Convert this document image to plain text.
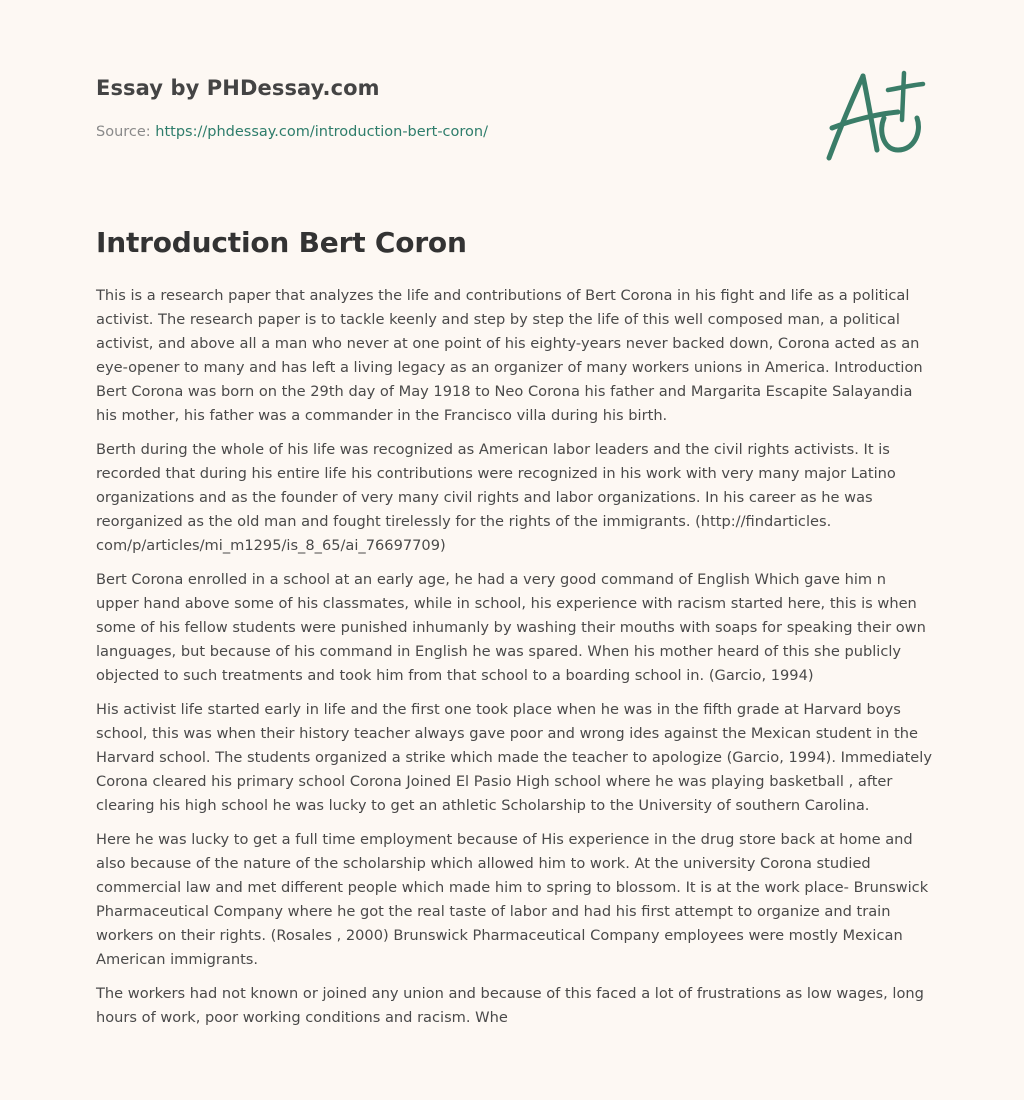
Essay by PHDessay.com
Source: https://phdessay.com/introduction-bert-coron/
Introduction Bert Coron

This is a research paper that analyzes the life and contributions of Bert Corona in his fight and life as a political activist. The research paper is to tackle keenly and step by step the life of this well composed man, a political activist, and above all a man who never at one point of his eighty-years never backed down, Corona acted as an eye-opener to many and has left a living legacy as an organizer of many workers unions in America. Introduction Bert Corona was born on the 29th day of May 1918 to Neo Corona his father and Margarita Escapite Salayandia his mother, his father was a commander in the Francisco villa during his birth.

Berth during the whole of his life was recognized as American labor leaders and the civil rights activists. It is recorded that during his entire life his contributions were recognized in his work with very many major Latino organizations and as the founder of very many civil rights and labor organizations. In his career as he was reorganized as the old man and fought tirelessly for the rights of the immigrants. (http://findarticles. com/p/articles/mi_m1295/is_8_65/ai_76697709)

Bert Corona enrolled in a school at an early age, he had a very good command of English Which gave him n upper hand above some of his classmates, while in school, his experience with racism started here, this is when some of his fellow students were punished inhumanly by washing their mouths with soaps for speaking their own languages, but because of his command in English he was spared. When his mother heard of this she publicly objected to such treatments and took him from that school to a boarding school in. (Garcio, 1994)

His activist life started early in life and the first one took place when he was in the fifth grade at Harvard boys school, this was when their history teacher always gave poor and wrong ides against the Mexican student in the Harvard school. The students organized a strike which made the teacher to apologize (Garcio, 1994). Immediately Corona cleared his primary school Corona Joined El Pasio High school where he was playing basketball , after clearing his high school he was lucky to get an athletic Scholarship to the University of southern Carolina.

Here he was lucky to get a full time employment because of His experience in the drug store back at home and also because of the nature of the scholarship which allowed him to work. At the university Corona studied commercial law and met different people which made him to spring to blossom. It is at the work place- Brunswick Pharmaceutical Company where he got the real taste of labor and had his first attempt to organize and train workers on their rights. (Rosales , 2000) Brunswick Pharmaceutical Company employees were mostly Mexican American immigrants.

The workers had not known or joined any union and because of this faced a lot of frustrations as low wages, long hours of work, poor working conditions and racism. Whe
